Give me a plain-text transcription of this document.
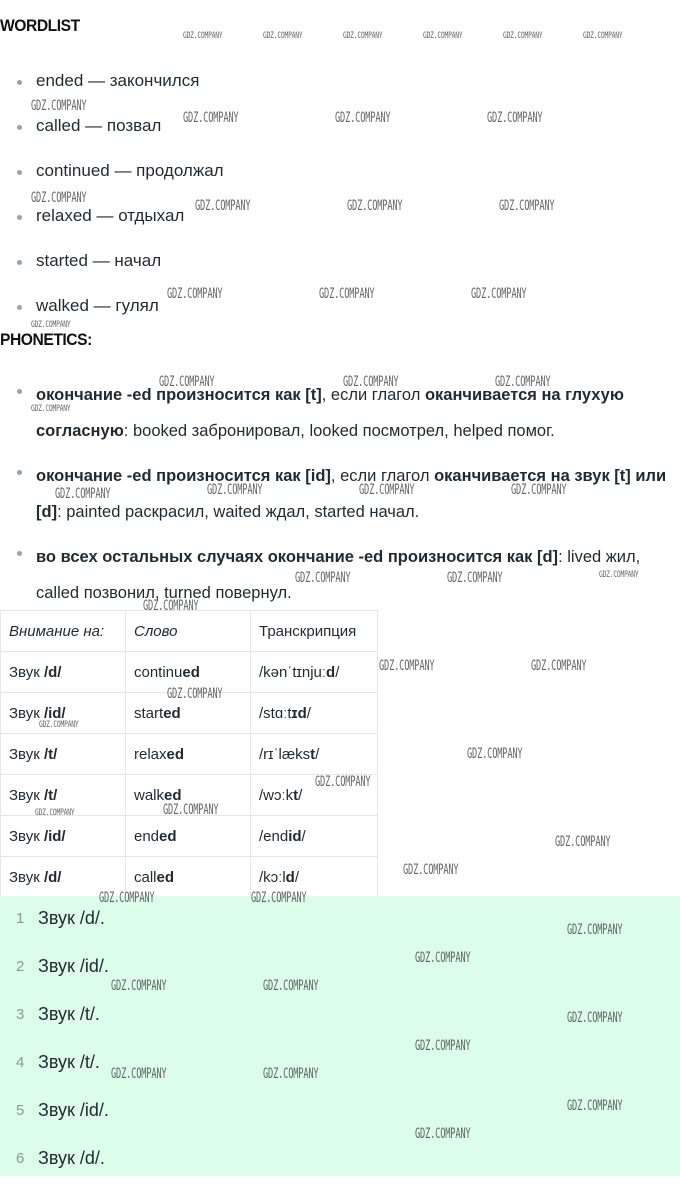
WORDLIST
ended — закончился
called — позвал
continued — продолжал
relaxed — отдыхал
started — начал
walked — гулял
PHONETICS:
окончание -ed произносится как [t], если глагол оканчивается на глухую согласную: booked забронировал, looked посмотрел, helped помог.
окончание -ed произносится как [id], если глагол оканчивается на звук [t] или [d]: painted раскрасил, waited ждал, started начал.
во всех остальных случаях окончание -ed произносится как [d]: lived жил, called позвонил, turned повернул.
Внимание на:	Слово	Транскрипция
Звук /d/	continued	/kənˈtɪnjuːd/
Звук /id/	started	/stɑːtɪd/
Звук /t/	relaxed	/rɪˈlækst/
Звук /t/	walked	/wɔːkt/
Звук /id/	ended	/endid/
Звук /d/	called	/kɔːld/
1 Звук /d/.
2 Звук /id/.
3 Звук /t/.
4 Звук /t/.
5 Звук /id/.
6 Звук /d/.
GDZ.COMPANY	GDZ.COMPANY	GDZ.COMPANY	GDZ.COMPANY	GDZ.COMPANY	GDZ.COMPANY
GDZ.COMPANY
GDZ.COMPANY	GDZ.COMPANY	GDZ.COMPANY
GDZ.COMPANY	GDZ.COMPANY	GDZ.COMPANY	GDZ.COMPANY
GDZ.COMPANY	GDZ.COMPANY	GDZ.COMPANY
GDZ.COMPANY
GDZ.COMPANY	GDZ.COMPANY	GDZ.COMPANY
GDZ.COMPANY
GDZ.COMPANY	GDZ.COMPANY	GDZ.COMPANY	GDZ.COMPANY
GDZ.COMPANY	GDZ.COMPANY	GDZ.COMPANY
GDZ.COMPANY
GDZ.COMPANY	GDZ.COMPANY
GDZ.COMPANY
GDZ.COMPANY
GDZ.COMPANY
GDZ.COMPANY
GDZ.COMPANY
GDZ.COMPANY
GDZ.COMPANY
GDZ.COMPANY
GDZ.COMPANY	GDZ.COMPANY
GDZ.COMPANY
GDZ.COMPANY
GDZ.COMPANY	GDZ.COMPANY
GDZ.COMPANY
GDZ.COMPANY
GDZ.COMPANY	GDZ.COMPANY
GDZ.COMPANY
GDZ.COMPANY
